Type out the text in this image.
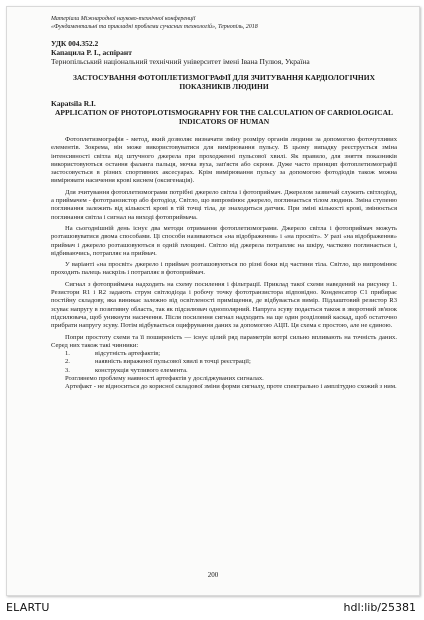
Матеріали Міжнародної науково-технічної конференції

«Фундаментальні та прикладні проблеми сучасних технологій», Тернопіль, 2018

УДК 004.352.2
Капацила Р. І., аспірант
Тернопільський національний технічний університет імені Івана Пулюя, Україна
ЗАСТОСУВАННЯ ФОТОПЛЕТИЗМОГРАФІЇ ДЛЯ ЗЧИТУВАННЯ КАРДІОЛОГІЧНИХ ПОКАЗНИКІВ ЛЮДИНИ
Kapatsila R.I.
APPLICATION OF PHOTOPLOTISMOGRAPHY FOR THE CALCULATION OF CARDIOLOGICAL INDICATORS OF HUMAN

Фотоплетизмографія - метод, який дозволяє визначати зміну розміру органів людини за допомогою фоточутливих елементів. Зокрема, він може використовуватися для вимірювання пульсу. В цьому випадку реєструється зміна інтенсивності світла від штучного джерела при проходженні пульсової хвилі. Як правило, для зняття показників використовуються остання фаланга пальця, мочка вуха, зап'ястя або скроня. Дуже часто принцип фотоплетизмографії застосовується в різних спортивних аксесуарах. Крім вимірювання пульсу за допомогою фотодіодів також можна вимірювати насичення крові киснем (оксигенація).

Для зчитування фотоплетизмограми потрібні джерело світла і фотоприймач. Джерелом зазвичай служить світлодіод, а приймачем - фототранзистор або фотодіод. Світло, що випромінює джерело, поглинається тілом людини. Зміна ступеню поглинання залежить від кількості крові в тій точці тіла, де знаходиться датчик. При зміні кількості крові, змінюється поглинання світла і сигнал на виході фотоприймача.

На сьогоднішній день існує два методи отримання фотоплетизмограми. Джерело світла і фотоприймач можуть розташовуватися двома способами. Ці способи називаються «на відображення» і «на просвіт». У разі «на відображення» приймач і джерело розташовуються в одній площині. Світло від джерела потрапляє на шкіру, частково поглинається і, відбиваючись, потрапляє на приймач.

У варіанті «на просвіт» джерело і приймач розташовуються по різні боки від частини тіла. Світло, що випромінює проходить палець наскрізь і потрапляє в фотоприймач.

Сигнал з фотоприймача надходить на схему посилення і фільтрації. Приклад такої схеми наведений на рисунку 1. Резистори R1 і R2 задають струм світлодіода і робочу точку фототранзистора відповідно. Конденсатор C1 прибирає постійну складову, яка виникає залежно від освітленості приміщення, де відбувається вимір. Підлаштовий резистор R3 зсуває напругу в позитивну область, так як підсилювач однополярний. Напруга зсуву подається також в зворотний зв'язок підсилювача, щоб уникнути насичення. Після посилення сигнал надходить на ще один розділовий каскад, щоб остаточно прибрати напругу зсуву. Потім відбувається оцифрування даних за допомогою АЦП. Ця схема є простою, але не єдиною.

Попри простоту схеми та її поширеність — існує цілий ряд параметрів котрі сильно впливають на точність даних. Серед них також такі чинники:

1.	відсутність артефактів;
2.	наявність вираженої пульсової хвилі в точці реєстрації;
3.	конструкція чутливого елемента.

Розглянемо проблему наявності артефактів у досліджуваних сигналах.

Артефакт - не відноситься до корисної складової зміни форми сигналу, проте спектрально і амплітудно схожий з ним.

200
ELARTU	hdl:lib/25381
